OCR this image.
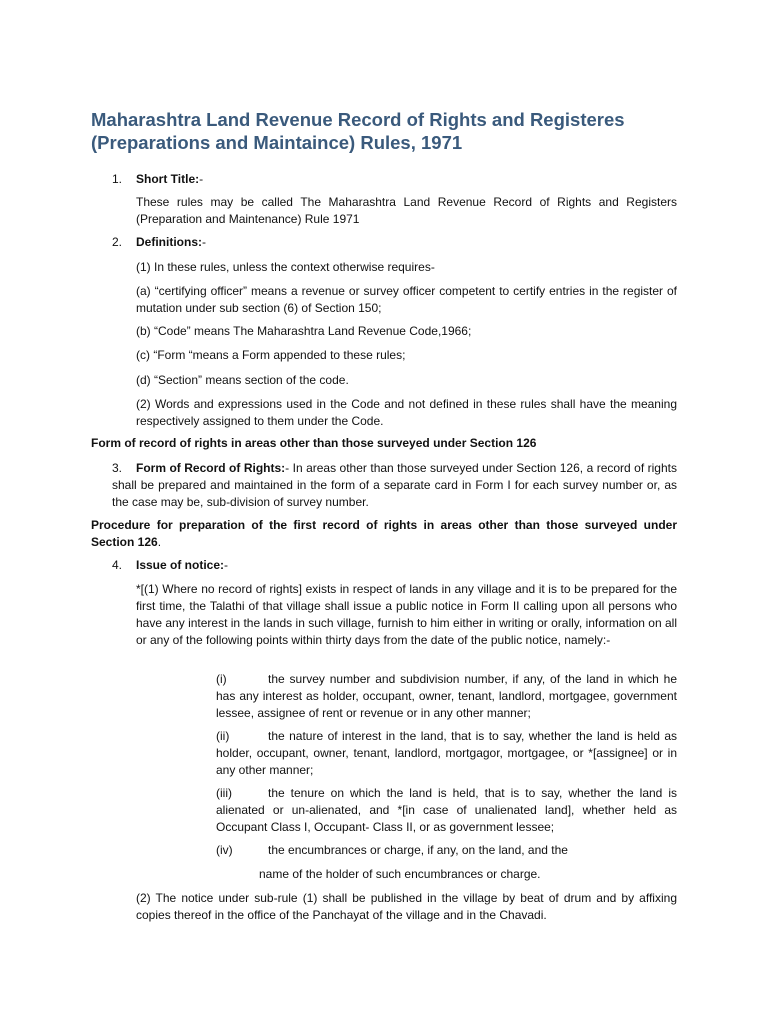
Maharashtra Land Revenue Record of Rights and Registeres
(Preparations and Maintaince) Rules, 1971
1. Short Title:-
These rules may be called The Maharashtra Land Revenue Record of Rights and Registers (Preparation and Maintenance) Rule 1971
2. Definitions:-
(1) In these rules, unless the context otherwise requires-
(a) “certifying officer” means a revenue or survey officer competent to certify entries in the register of mutation under sub section (6) of Section 150;
(b) “Code” means The Maharashtra Land Revenue Code,1966;
(c) “Form “means a Form appended to these rules;
(d) “Section” means section of the code.
(2) Words and expressions used in the Code and not defined in these rules shall have the meaning respectively assigned to them under the Code.
Form of record of rights in areas other than those surveyed under Section 126
3. Form of Record of Rights:- In areas other than those surveyed under Section 126, a record of rights shall be prepared and maintained in the form of a separate card in Form I for each survey number or, as the case may be, sub-division of survey number.
Procedure for preparation of the first record of rights in areas other than those surveyed under Section 126.
4. Issue of notice:-
*[(1) Where no record of rights] exists in respect of lands in any village and it is to be prepared for the first time, the Talathi of that village shall issue a public notice in Form II calling upon all persons who have any interest in the lands in such village, furnish to him either in writing or orally, information on all or any of the following points within thirty days from the date of the public notice, namely:-
(i)	the survey number and subdivision number, if any, of the land in which he has any interest as holder, occupant, owner, tenant, landlord, mortgagee, government lessee, assignee of rent or revenue or in any other manner;
(ii)	the nature of interest in the land, that is to say, whether the land is held as holder, occupant, owner, tenant, landlord, mortgagor, mortgagee, or *[assignee] or in any other manner;
(iii)	the tenure on which the land is held, that is to say, whether the land is alienated or un-alienated, and *[in case of unalienated land], whether held as Occupant Class I, Occupant- Class II, or as government lessee;
(iv)	the encumbrances or charge, if any, on the land, and the
name of the holder of such encumbrances or charge.
(2) The notice under sub-rule (1) shall be published in the village by beat of drum and by affixing copies thereof in the office of the Panchayat of the village and in the Chavadi.
